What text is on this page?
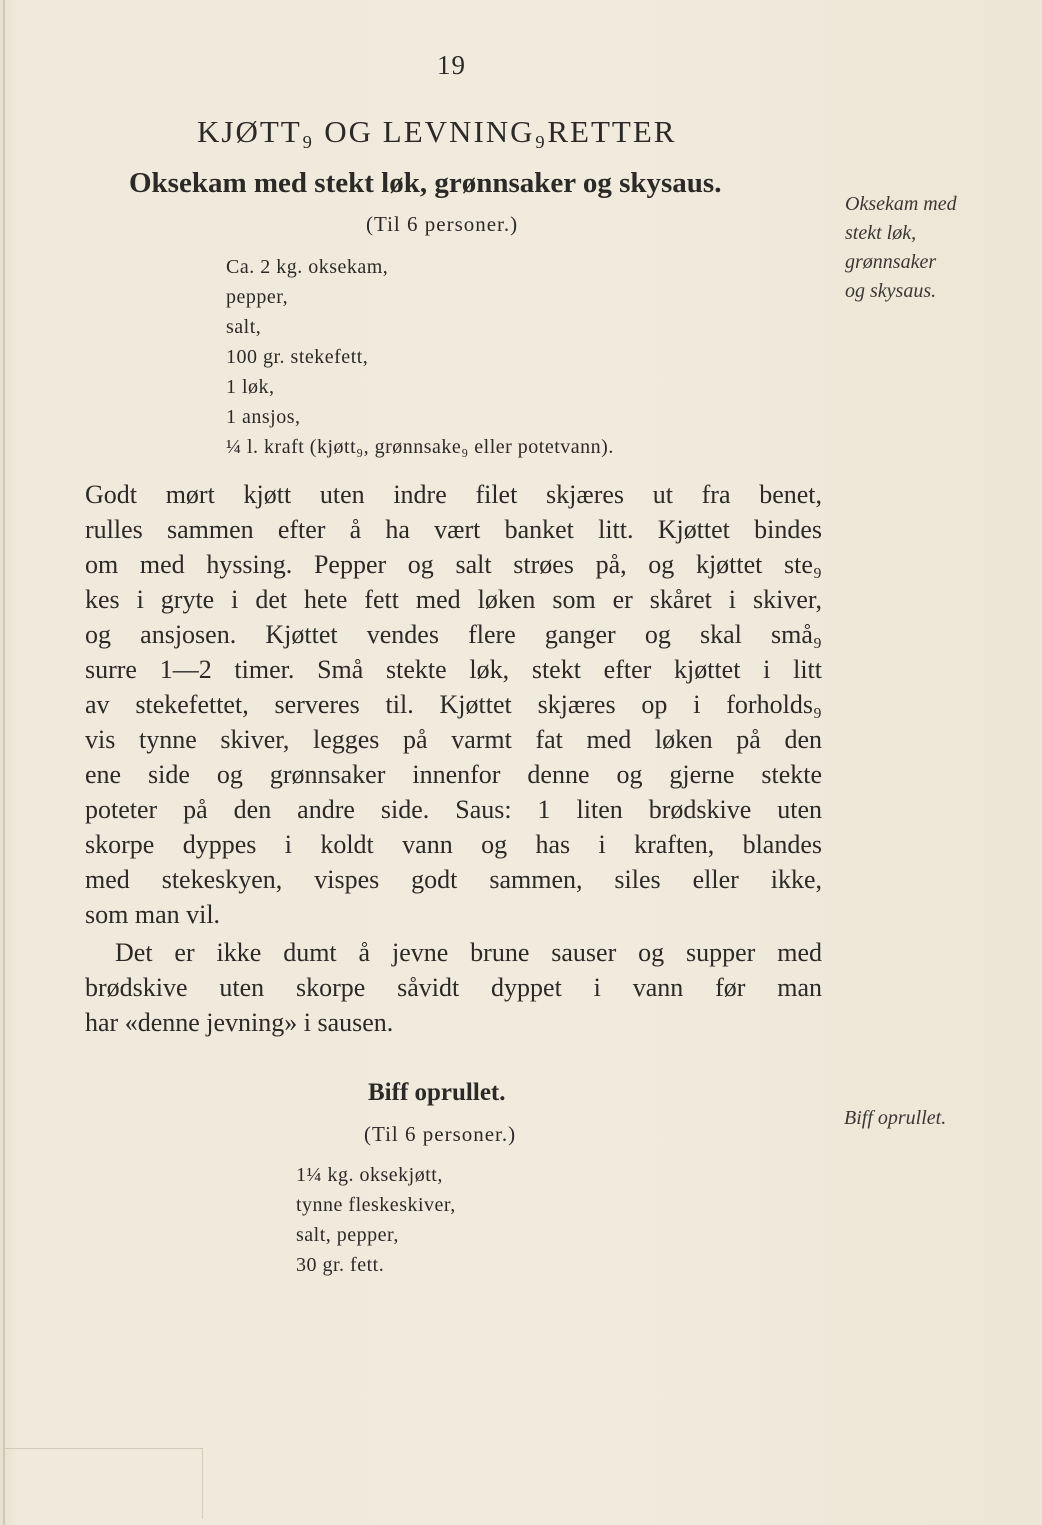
19
KJØTT₉ OG LEVNING₉RETTER
Oksekam med stekt løk, grønnsaker og skysaus.
(Til 6 personer.)
Ca. 2 kg. oksekam,
pepper,
salt,
100 gr. stekefett,
1 løk,
1 ansjos,
¼ l. kraft (kjøtt₉, grønnsake₉ eller potetvann).
Oksekam med
stekt løk,
grønnsaker
og skysaus.
Godt mørt kjøtt uten indre filet skjæres ut fra benet,
rulles sammen efter å ha vært banket litt. Kjøttet bindes
om med hyssing. Pepper og salt strøes på, og kjøttet ste₉
kes i gryte i det hete fett med løken som er skåret i skiver,
og ansjosen. Kjøttet vendes flere ganger og skal små₉
surre 1—2 timer. Små stekte løk, stekt efter kjøttet i litt
av stekefettet, serveres til. Kjøttet skjæres op i forholds₉
vis tynne skiver, legges på varmt fat med løken på den
ene side og grønnsaker innenfor denne og gjerne stekte
poteter på den andre side. Saus: 1 liten brødskive uten
skorpe dyppes i koldt vann og has i kraften, blandes
med stekeskyen, vispes godt sammen, siles eller ikke,
som man vil.
Det er ikke dumt å jevne brune sauser og supper med
brødskive uten skorpe såvidt dyppet i vann før man
har «denne jevning» i sausen.
Biff oprullet.
(Til 6 personer.)
1¼ kg. oksekjøtt,
tynne fleskeskiver,
salt, pepper,
30 gr. fett.
Biff oprullet.
